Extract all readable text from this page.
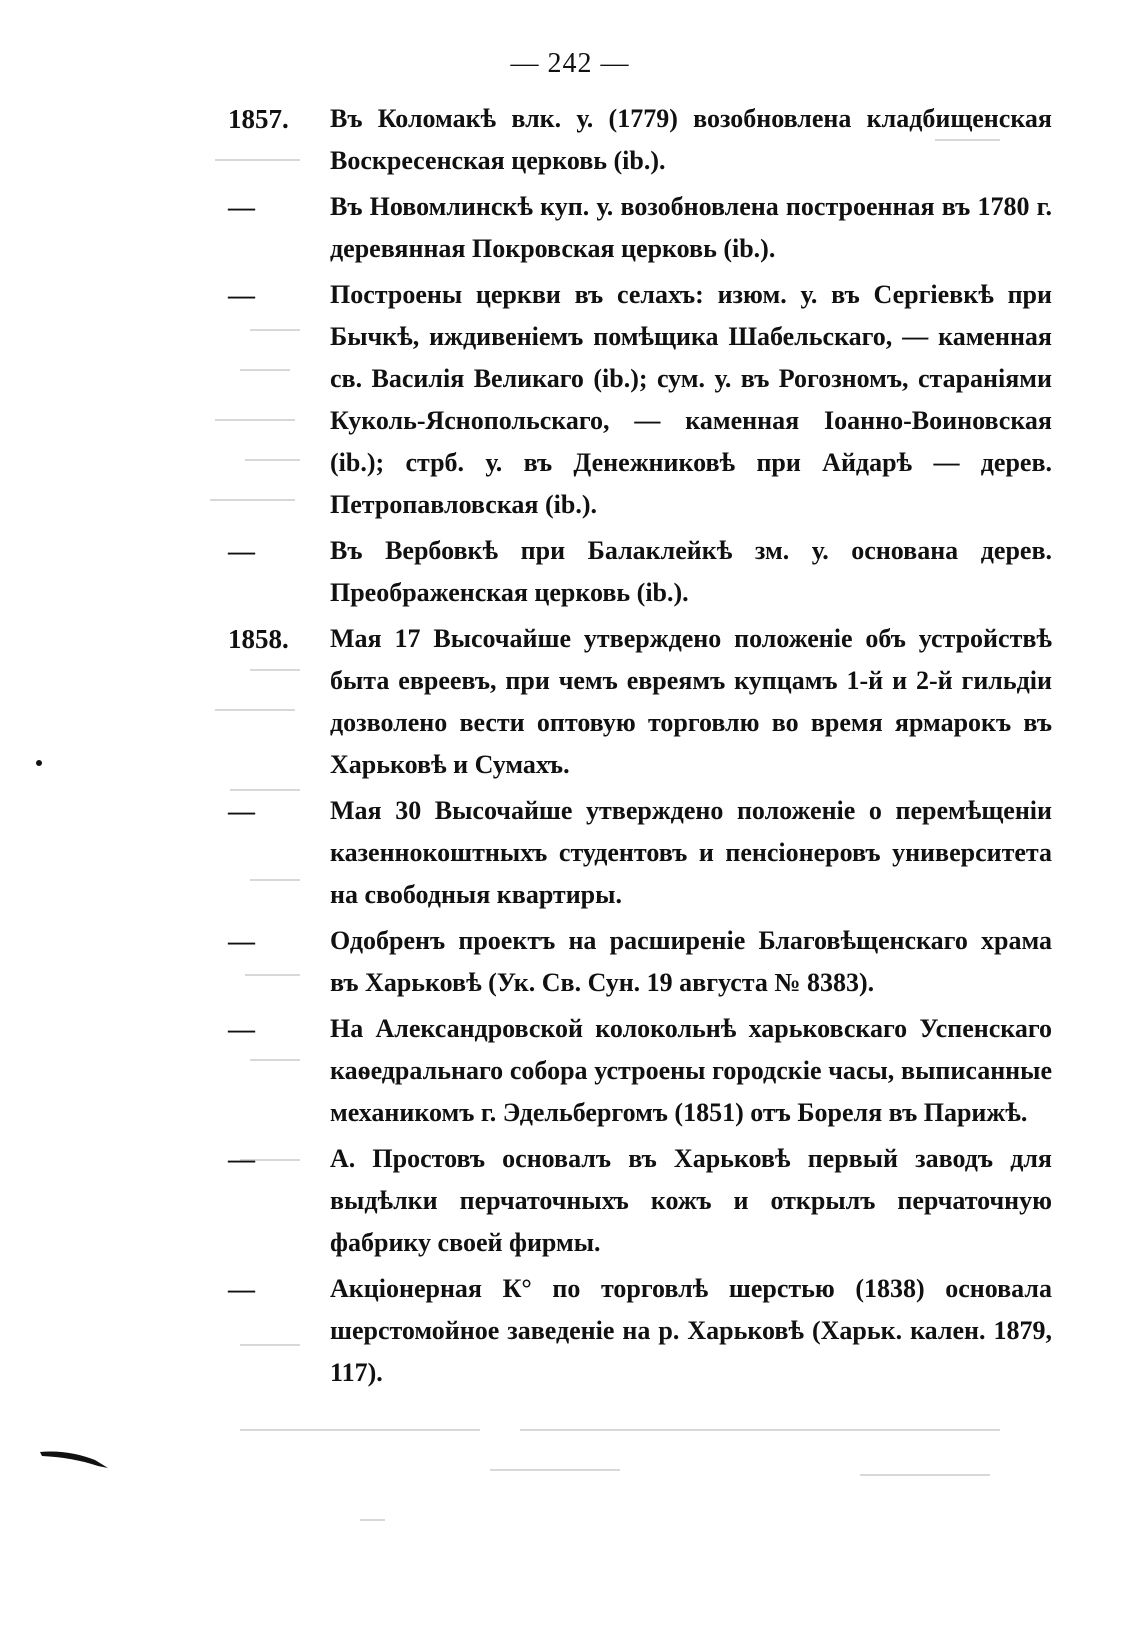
— 242 —
1857. Въ Коломакѣ влк. у. (1779) возобновлена кладбищенская Воскресенская церковь (ib.).
—	Въ Новомлинскѣ куп. у. возобновлена построенная въ 1780 г. деревянная Покровская церковь (ib.).
—	Построены церкви въ селахъ: изюм. у. въ Сергіевкѣ при Бычкѣ, иждивеніемъ помѣщика Шабельскаго, — каменная св. Василія Великаго (ib.); сум. у. въ Рогозномъ, стараніями Куколь-Яснопольскаго, — каменная Іоанно-Воиновская (ib.); стрб. у. въ Денежниковѣ при Айдарѣ — дерев. Петропавловская (ib.).
—	Въ Вербовкѣ при Балаклейкѣ зм. у. основана дерев. Преображенская церковь (ib.).
1858. Мая 17 Высочайше утверждено положеніе объ устройствѣ быта евреевъ, при чемъ евреямъ купцамъ 1-й и 2-й гильдіи дозволено вести оптовую торговлю во время ярмарокъ въ Харьковѣ и Сумахъ.
—	Мая 30 Высочайше утверждено положеніе о перемѣщеніи казеннокоштныхъ студентовъ и пенсіонеровъ университета на свободныя квартиры.
—	Одобренъ проектъ на расширеніе Благовѣщенскаго храма въ Харьковѣ (Ук. Св. Сун. 19 августа № 8383).
—	На Александровской колокольнѣ харьковскаго Успенскаго каѳедральнаго собора устроены городскіе часы, выписанные механикомъ г. Эдельбергомъ (1851) отъ Бореля въ Парижѣ.
—	А. Простовъ основалъ въ Харьковѣ первый заводъ для выдѣлки перчаточныхъ кожъ и открылъ перчаточную фабрику своей фирмы.
—	Акціонерная К° по торговлѣ шерстью (1838) основала шерстомойное заведеніе на р. Харьковѣ (Харьк. кален. 1879, 117).
